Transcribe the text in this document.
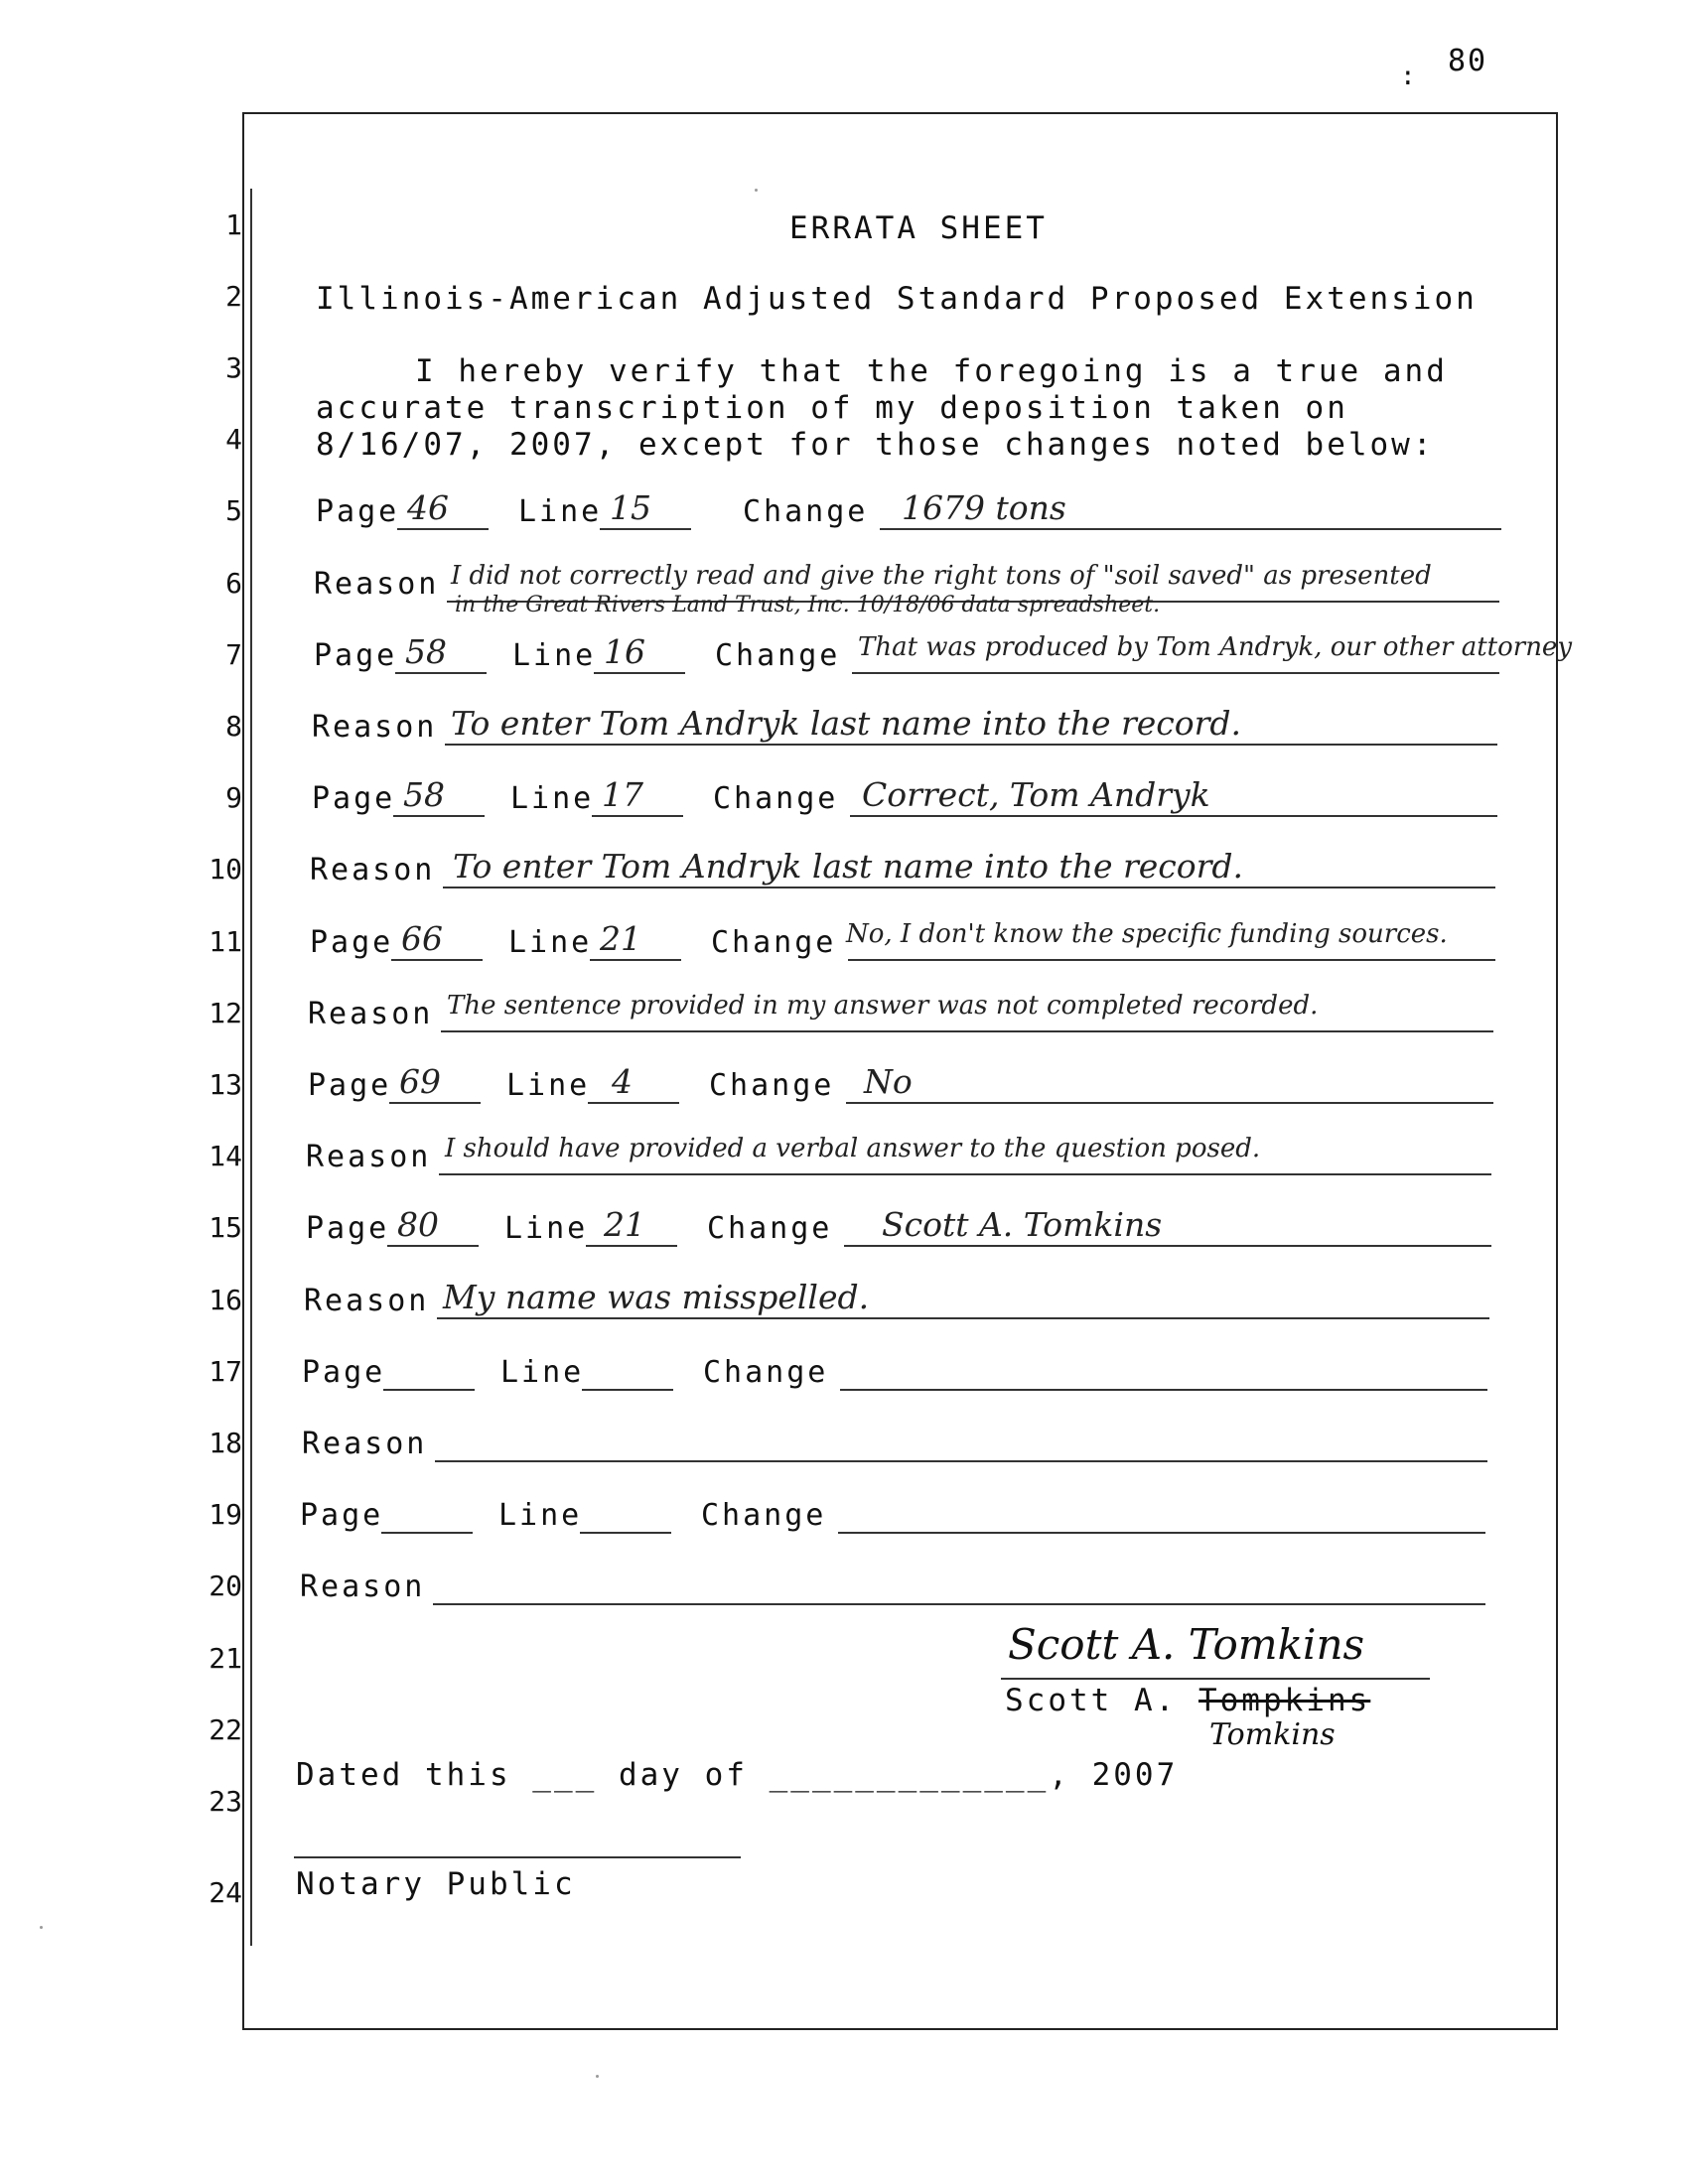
80
:
1
2
3
4
5
6
7
8
9
10
11
12
13
14
15
16
17
18
19
20
21
22
23
24
ERRATA SHEET
Illinois-American Adjusted Standard Proposed Extension
I hereby verify that the foregoing is a true and
accurate transcription of my deposition taken on
8/16/07, 2007, except for those changes noted below:
Page 46 Line 15	Change 1679 tons
Reason I did not correctly read and give the right tons of "soil saved" as presented
in the Great Rivers Land Trust, Inc. 10/18/06 data spreadsheet.
Page 58 Line 16 Change That was produced by Tom Andryk, our other attorney
Reason To enter Tom Andryk last name into the record.
Page 58 Line 17 Change Correct, Tom Andryk
Reason To enter Tom Andryk last name into the record.
Page 66 Line 21 Change No, I don't know the specific funding sources.
Reason The sentence provided in my answer was not completed recorded.
Page 69 Line 4	Change No
Reason I should have provided a verbal answer to the question posed.
Page 80 Line 21 Change Scott A. Tomkins
Reason My name was misspelled.
Page	Line	Change
Reason
Page	Line	Change
Reason
Scott A. Tomkins
Scott A. Tompkins
Tomkins
Dated this ___ day of _____________, 2007
Notary Public
